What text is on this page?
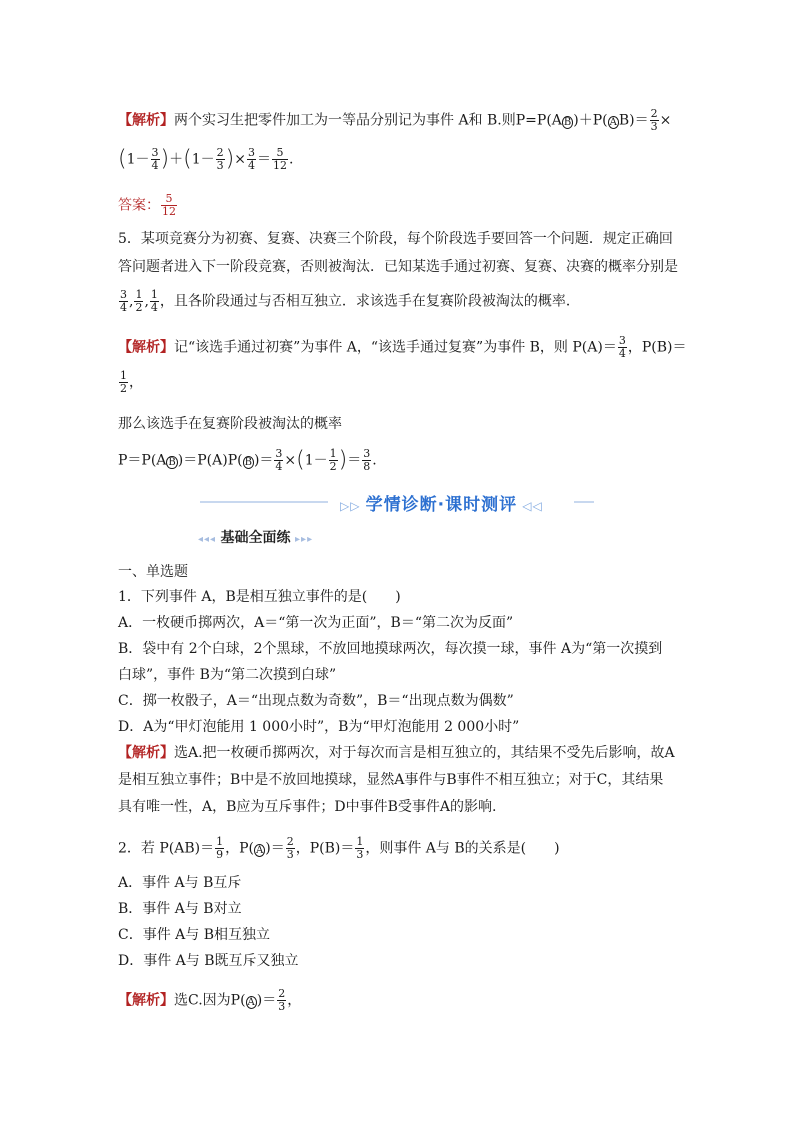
【解析】两个实习生把零件加工为一等品分别记为事件 A和 B.则P=P(A B )＋P( A $B)= \frac{2}{3}$ ×
$(1- \frac{3}{4} )+(1- \frac{2}{3}$ )× $\frac{3}{4} = \frac{5}{12}$ .
答案： $\frac{5}{12}$
5．某项竞赛分为初赛、复赛、决赛三个阶段，每个阶段选手要回答一个问题．规定正确回
答问题者进入下一阶段竞赛，否则被淘汰．已知某选手通过初赛、复赛、决赛的概率分别是
$\frac{3}{4}$ , $\frac{1}{2}$ , $\frac{1}{4}$ ，且各阶段通过与否相互独立．求该选手在复赛阶段被淘汰的概率．
【解析】记“该选手通过初赛”为事件 A，“该选手通过复赛”为事件 B，则 $P(A)= \frac{3}{4}$ ，P(B)＝
$\frac{1}{2}$ ，
那么该选手在复赛阶段被淘汰的概率
P＝P(A B )＝P(A)P( B )＝ $\frac{3}{4} \times(1- \frac{1}{2}$ )＝ $\frac{3}{8}$ .
▷▷ 学情诊断·课时测评 ◁◁
◂◂◂ 基础全面练 ▸▸▸
一、单选题
1．下列事件 A，B是相互独立事件的是(　　)
A．一枚硬币掷两次，A＝“第一次为正面”，B＝“第二次为反面”
B．袋中有 2个白球，2个黑球，不放回地摸球两次，每次摸一球，事件 A为“第一次摸到
白球”，事件 B为“第二次摸到白球”
C．掷一枚骰子，A＝“出现点数为奇数”，B＝“出现点数为偶数”
D．A为“甲灯泡能用 1 000小时”，B为“甲灯泡能用 2 000小时”
【解析】选A.把一枚硬币掷两次，对于每次而言是相互独立的，其结果不受先后影响，故A
是相互独立事件；B中是不放回地摸球，显然A事件与B事件不相互独立；对于C，其结果
具有唯一性，A，B应为互斥事件；D中事件B受事件A的影响.
2．若 $P(AB)= \frac{1}{9}$ ，P( A )＝ $\frac{2}{3}$ ，$P(B)= \frac{1}{3}$ ，则事件 A与 B的关系是(　　)
A．事件 A与 B互斥
B．事件 A与 B对立
C．事件 A与 B相互独立
D．事件 A与 B既互斥又独立
【解析】选C.因为P( A )＝ $\frac{2}{3}$ ，
